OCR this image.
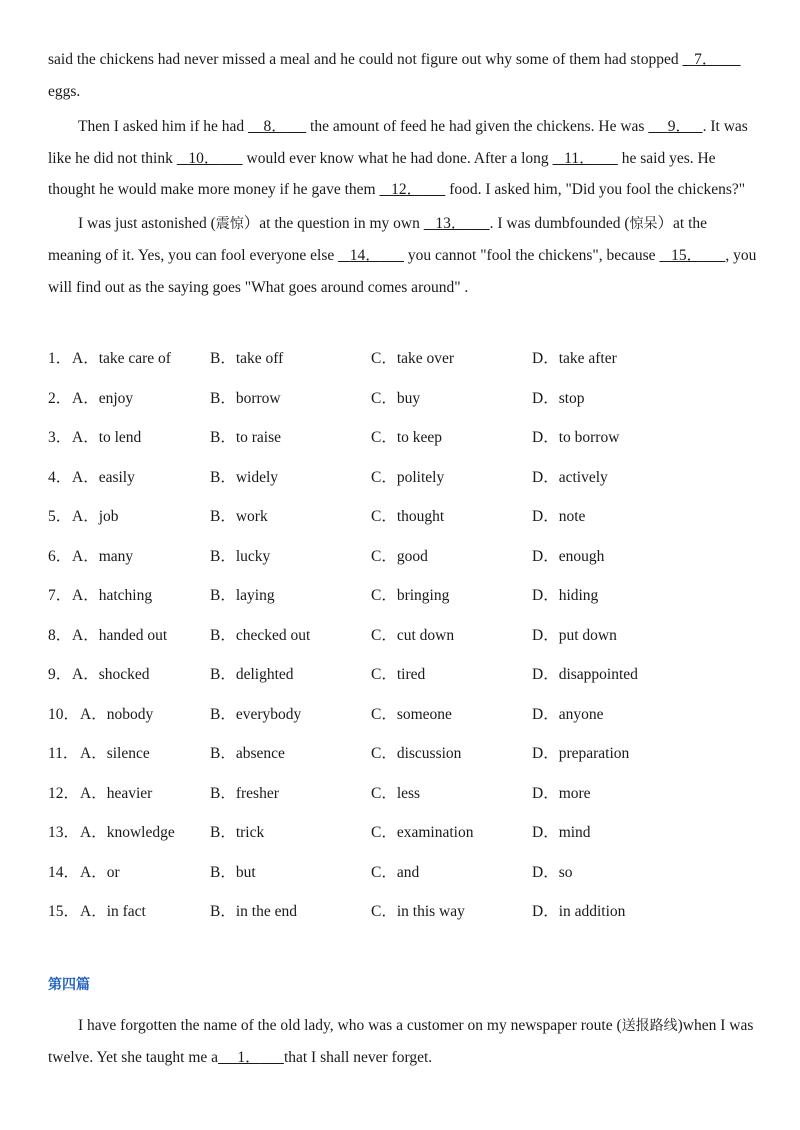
said the chickens had never missed a meal and he could not figure out why some of them had stopped    7．       eggs.

Then I asked him if he had     8．      the amount of feed he had given the chickens. He was      9． . It was like he did not think    10．       would ever know what he had done. After a long    11．       he said yes. He thought he would make more money if he gave them    12．       food. I asked him, "Did you fool the chickens?"

I was just astonished (震惊）at the question in my own    13． . I was dumbfounded (惊呆）at the meaning of it. Yes, you can fool everyone else    14．       you cannot "fool the chickens", because    15． , you will find out as the saying goes "What goes around comes around" .

1． A．take care of	B．take off	C．take over	D．take after
2． A．enjoy	B．borrow	C．buy	D．stop
3． A．to lend	B．to raise	C．to keep	D．to borrow
4． A．easily	B．widely	C．politely	D．actively
5． A．job	B．work	C．thought	D．note
6． A．many	B．lucky	C．good	D．enough
7． A．hatching	B．laying	C．bringing	D．hiding
8． A．handed out	B．checked out	C．cut down	D．put down
9． A．shocked	B．delighted	C．tired	D．disappointed
10． A．nobody	B．everybody	C．someone	D．anyone
11． A．silence	B．absence	C．discussion	D．preparation
12． A．heavier	B．fresher	C．less	D．more
13． A．knowledge B．trick	C．examination	D．mind
14． A．or	B．but	C．and	D．so
15． A．in fact	B．in the end	C．in this way	D．in addition
第四篇

I have forgotten the name of the old lady, who was a customer on my newspaper route (送报路线)when I was twelve. Yet she taught me a 1． that I shall never forget.
